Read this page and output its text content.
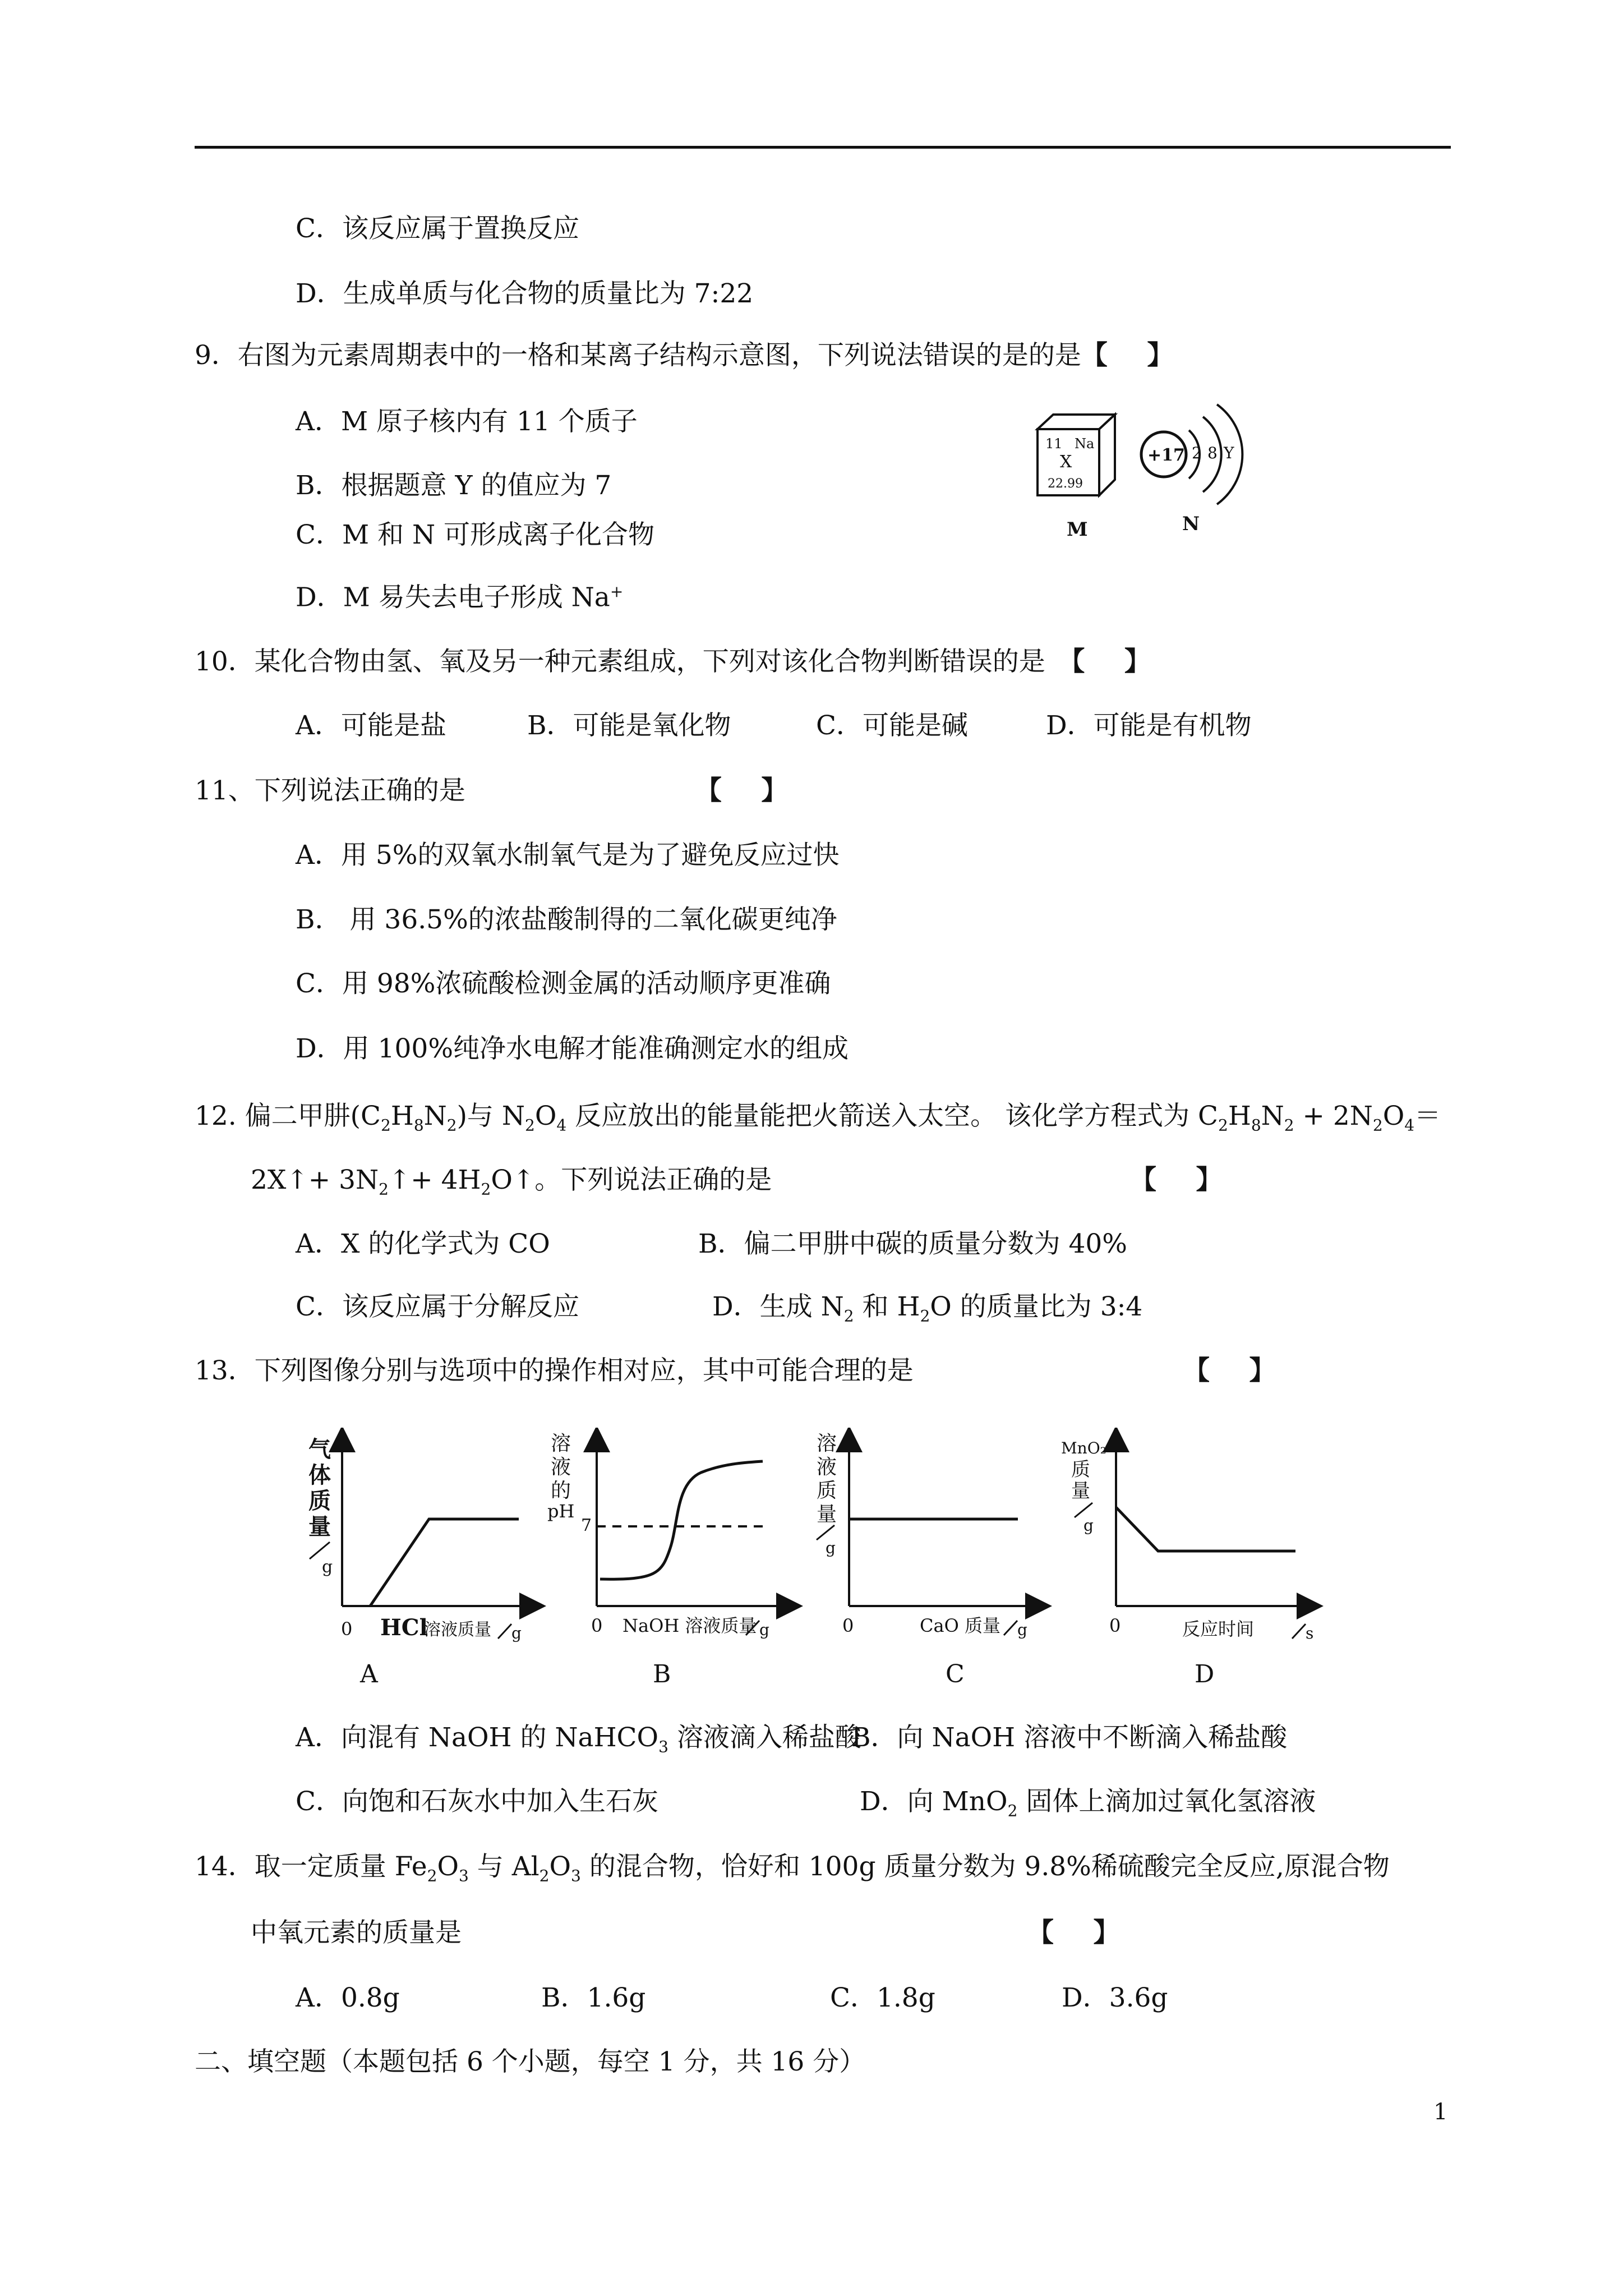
C．该反应属于置换反应
D．生成单质与化合物的质量比为 7:22
9．右图为元素周期表中的一格和某离子结构示意图，下列说法错误的是的是【   】
A．M 原子核内有 11 个质子
B．根据题意 Y 的值应为 7
C．M 和 N 可形成离子化合物
D．M 易失去电子形成 Na+
11 Na
X
22.99
+17 2 8 Y
M	N
10．某化合物由氢、氧及另一种元素组成，下列对该化合物判断错误的是  【   】
A．可能是盐	B．可能是氧化物	C．可能是碱	D．可能是有机物
11、下列说法正确的是	【   】
A．用 5%的双氧水制氧气是为了避免反应过快
B． 用 36.5%的浓盐酸制得的二氧化碳更纯净
C．用 98%浓硫酸检测金属的活动顺序更准确
D．用 100%纯净水电解才能准确测定水的组成
12. 偏二甲肼$(C_2H_8N_2)$与 $N_2O_4$ 反应放出的能量能把火箭送入太空。 该化学方程式为 $C_2H_8N_2 + 2N_2O_4=$
2X↑+ $3N_2↑+$ $4H_2O↑$。下列说法正确的是	【   】
A．X 的化学式为 CO	B．偏二甲肼中碳的质量分数为 40%
C．该反应属于分解反应	D．生成 $N_2$ 和 $H_2O$ 的质量比为 3:4
13．下列图像分别与选项中的操作相对应，其中可能合理的是	【   】
气
体
质
量
g
0 HCl
溶液质量 g
A
溶
液
的
pH
7
0 NaOH 溶液质量 g
B
溶
液
质
量
g
0	CaO 质量 g
C
MnO₂
质
量
g
0	反应时间	s
D
A．向混有 NaOH 的 NaHCO$_3$ 溶液滴入稀盐酸
B．向 NaOH 溶液中不断滴入稀盐酸
C．向饱和石灰水中加入生石灰	D．向 MnO$_2$ 固体上滴加过氧化氢溶液
14．取一定质量 $Fe_2O_3$ 与 $Al_2O_3$ 的混合物，恰好和 100g 质量分数为 9.8%稀硫酸完全反应,原混合物
中氧元素的质量是	【   】
A．0.8g	B．1.6g	C．1.8g	D．3.6g
二、填空题（本题包括 6 个小题，每空 1 分，共 16 分）
1
